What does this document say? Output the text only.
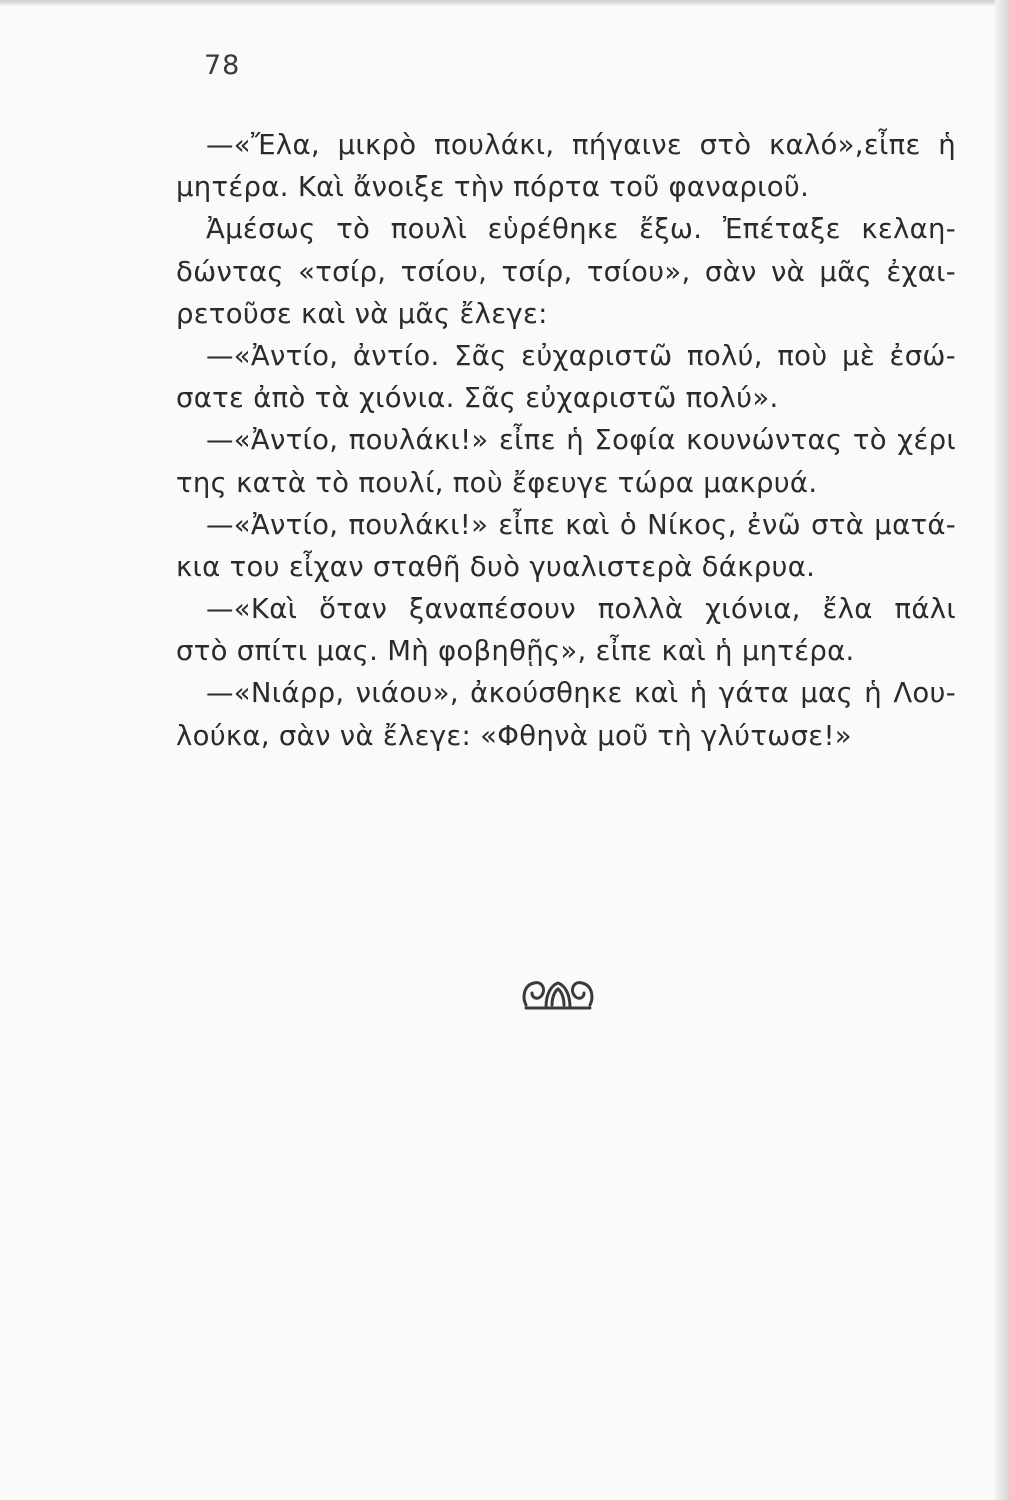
78
—«Ἔλα, μικρὸ πουλάκι, πήγαινε στὸ καλό»,εἶπε ἡ
μητέρα. Καὶ ἄνοιξε τὴν πόρτα τοῦ φαναριοῦ.
Ἀμέσως τὸ πουλὶ εὑρέθηκε ἔξω. Ἐπέταξε κελαη-
δώντας «τσίρ, τσίου, τσίρ, τσίου», σὰν νὰ μᾶς ἐχαι-
ρετοῦσε καὶ νὰ μᾶς ἔλεγε:
—«Ἀντίο, ἀντίο. Σᾶς εὐχαριστῶ πολύ, ποὺ μὲ ἐσώ-
σατε ἀπὸ τὰ χιόνια. Σᾶς εὐχαριστῶ πολύ».
—«Ἀντίο, πουλάκι!» εἶπε ἡ Σοφία κουνώντας τὸ χέρι
της κατὰ τὸ πουλί, ποὺ ἔφευγε τώρα μακρυά.
—«Ἀντίο, πουλάκι!» εἶπε καὶ ὁ Νίκος, ἐνῶ στὰ ματά-
κια του εἶχαν σταθῆ δυὸ γυαλιστερὰ δάκρυα.
—«Καὶ ὅταν ξαναπέσουν πολλὰ χιόνια, ἔλα πάλι
στὸ σπίτι μας. Μὴ φοβηθῇς», εἶπε καὶ ἡ μητέρα.
—«Νιάρρ, νιάου», ἀκούσθηκε καὶ ἡ γάτα μας ἡ Λου-
λούκα, σὰν νὰ ἔλεγε: «Φθηνὰ μοῦ τὴ γλύτωσε!»
